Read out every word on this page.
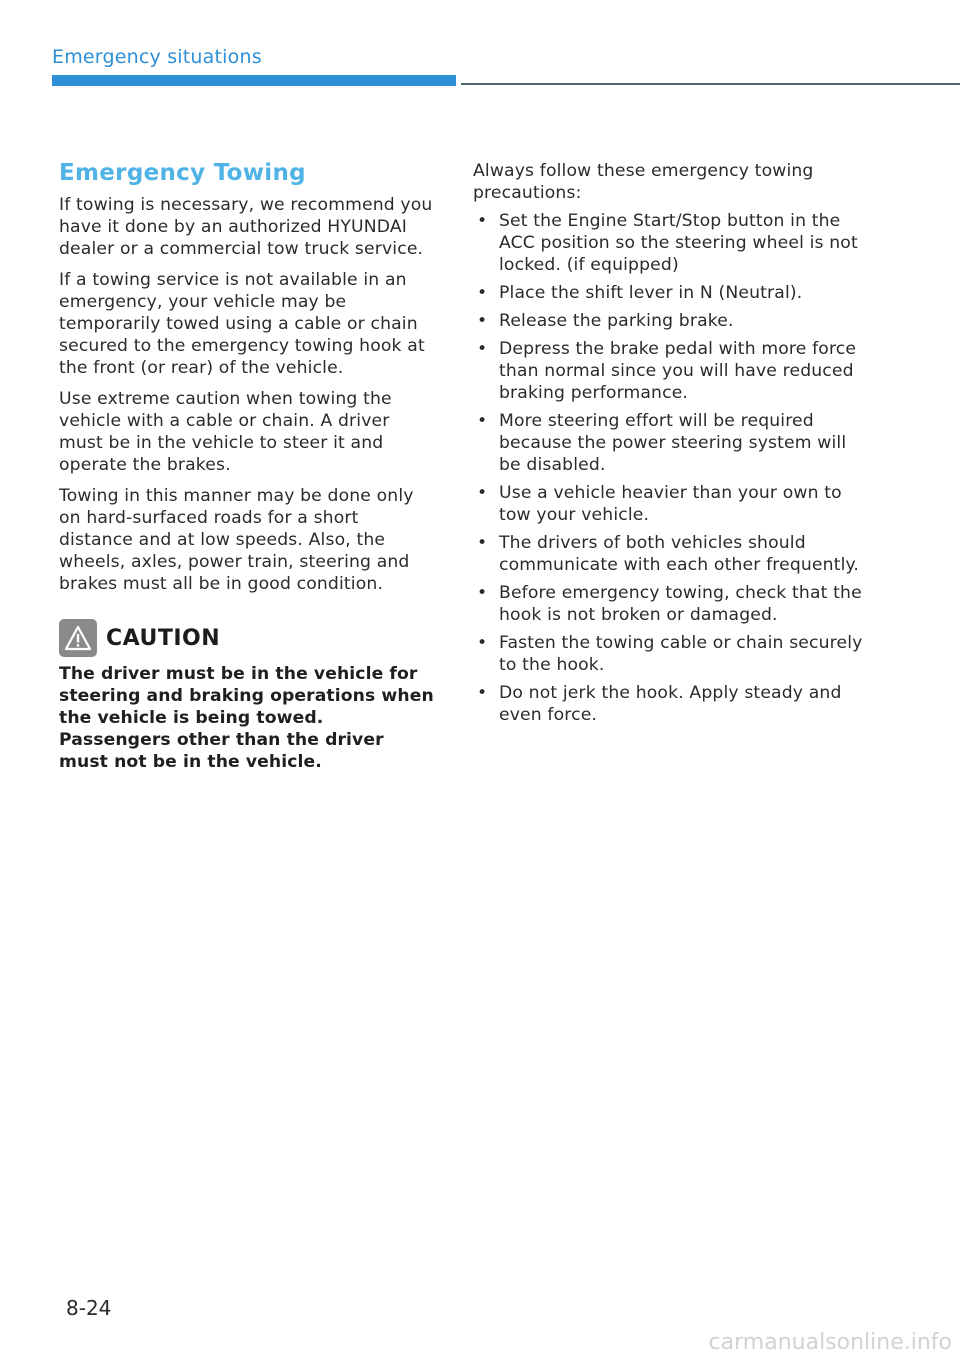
Emergency situations
Emergency Towing

If towing is necessary, we recommend you have it done by an authorized HYUNDAI dealer or a commercial tow truck service.

If a towing service is not available in an emergency, your vehicle may be temporarily towed using a cable or chain secured to the emergency towing hook at the front (or rear) of the vehicle.

Use extreme caution when towing the vehicle with a cable or chain. A driver must be in the vehicle to steer it and operate the brakes.

Towing in this manner may be done only on hard-surfaced roads for a short distance and at low speeds. Also, the wheels, axles, power train, steering and brakes must all be in good condition.

CAUTION
The driver must be in the vehicle for steering and braking operations when the vehicle is being towed. Passengers other than the driver must not be in the vehicle.

Always follow these emergency towing precautions:

• Set the Engine Start/Stop button in the ACC position so the steering wheel is not locked. (if equipped)
• Place the shift lever in N (Neutral).
• Release the parking brake.
• Depress the brake pedal with more force than normal since you will have reduced braking performance.
• More steering effort will be required because the power steering system will be disabled.
• Use a vehicle heavier than your own to tow your vehicle.
• The drivers of both vehicles should communicate with each other frequently.
• Before emergency towing, check that the hook is not broken or damaged.
• Fasten the towing cable or chain securely to the hook.
• Do not jerk the hook. Apply steady and even force.
8-24
carmanualsonline.info
